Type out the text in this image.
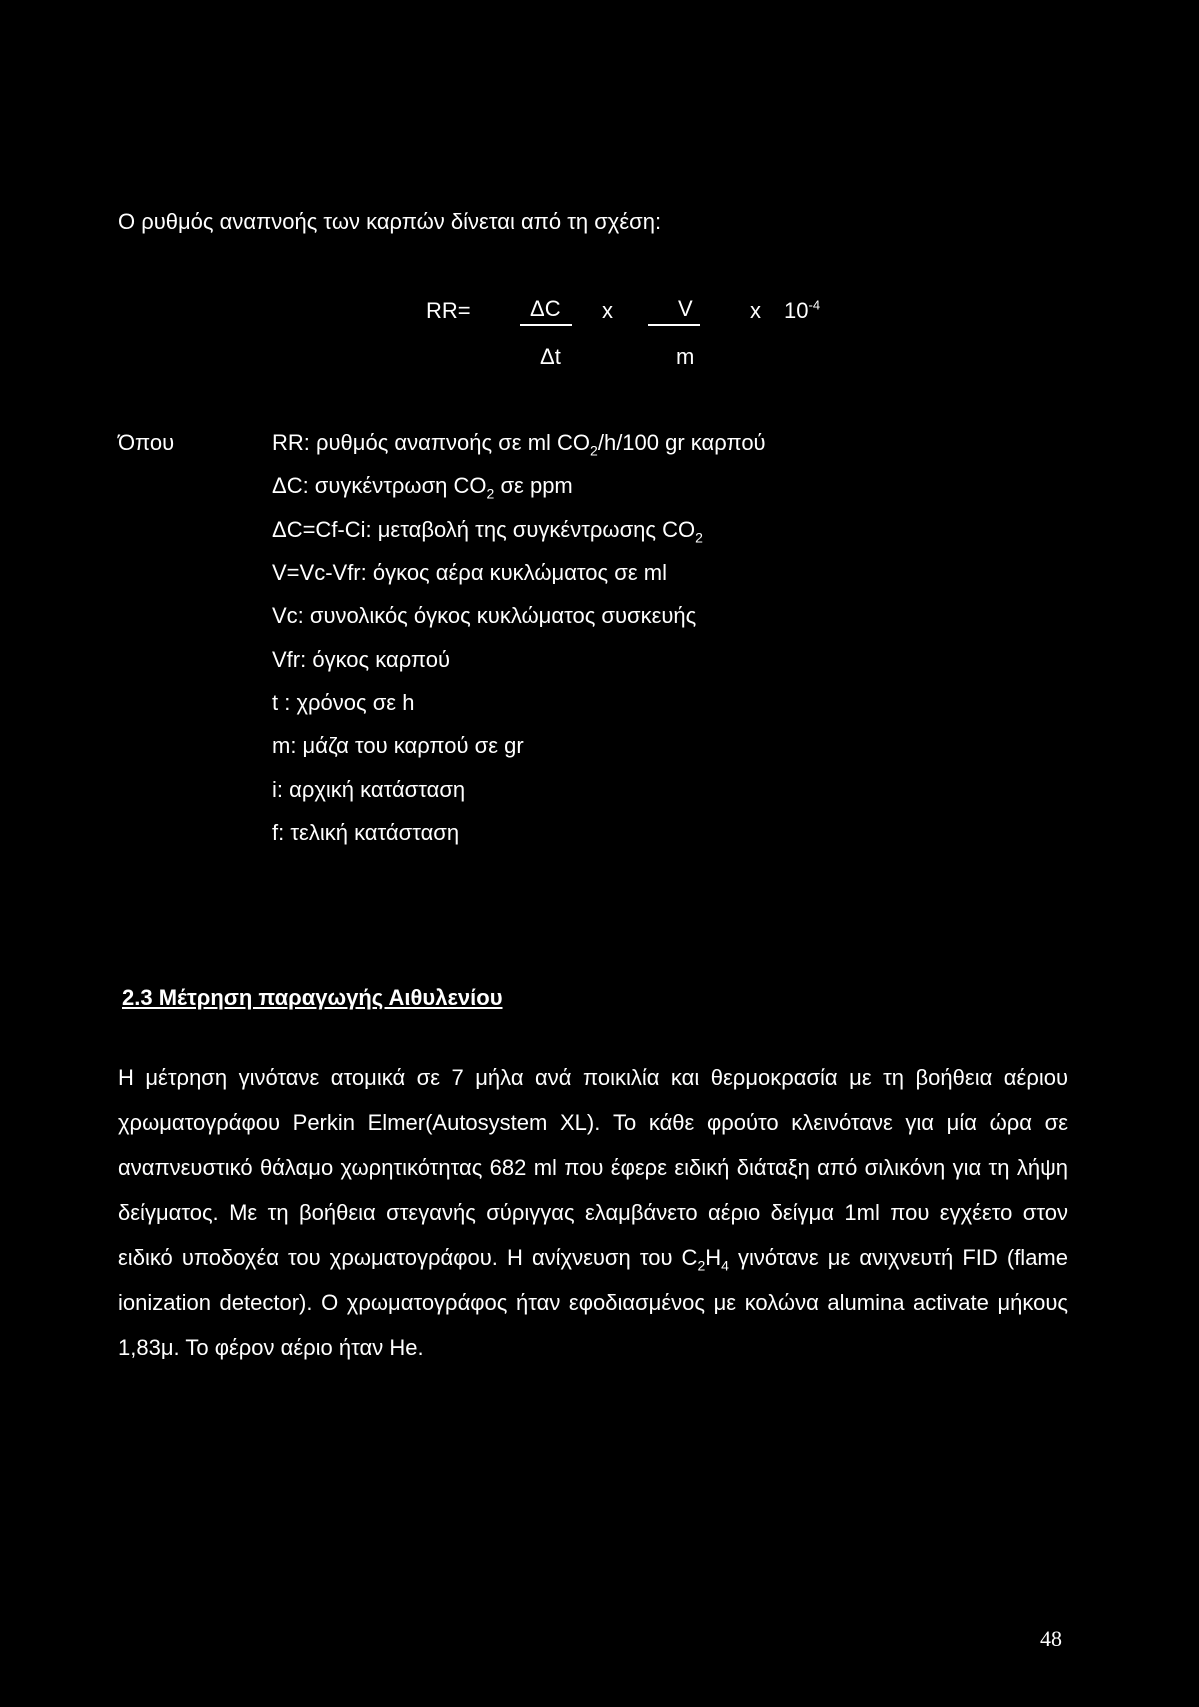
Ο ρυθμός αναπνοής των καρπών δίνεται από τη σχέση:
RR=	ΔC
Δt
x	V
m
x $10^{-4}$
Όπου	RR: ρυθμός αναπνοής σε ml $CO_2/h/100$ gr καρπού
ΔC: συγκέντρωση $CO_2$ σε ppm
ΔC=Cf-Ci: μεταβολή της συγκέντρωσης $CO_2$
V=Vc-Vfr: όγκος αέρα κυκλώματος σε ml
Vc: συνολικός όγκος κυκλώματος συσκευής
Vfr: όγκος καρπού
t : χρόνος σε h
m: μάζα του καρπού σε gr
i: αρχική κατάσταση
f: τελική κατάσταση
2.3 Μέτρηση παραγωγής Αιθυλενίου
Η μέτρηση γινότανε ατομικά σε 7 μήλα ανά ποικιλία και θερμοκρασία με τη βοήθεια αέριου χρωματογράφου Perkin Elmer(Autosystem XL). Το κάθε φρούτο κλεινότανε για μία ώρα σε αναπνευστικό θάλαμο χωρητικότητας 682 ml που έφερε ειδική διάταξη από σιλικόνη για τη λήψη δείγματος. Με τη βοήθεια στεγανής σύριγγας ελαμβάνετο αέριο δείγμα 1ml που εγχέετο στον ειδικό υποδοχέα του χρωματογράφου. Η ανίχνευση του $C_2H_4$ γινότανε με ανιχνευτή FID (flame ionization detector). Ο χρωματογράφος ήταν εφοδιασμένος με κολώνα alumina activate μήκους 1,83μ. Το φέρον αέριο ήταν He.
48
